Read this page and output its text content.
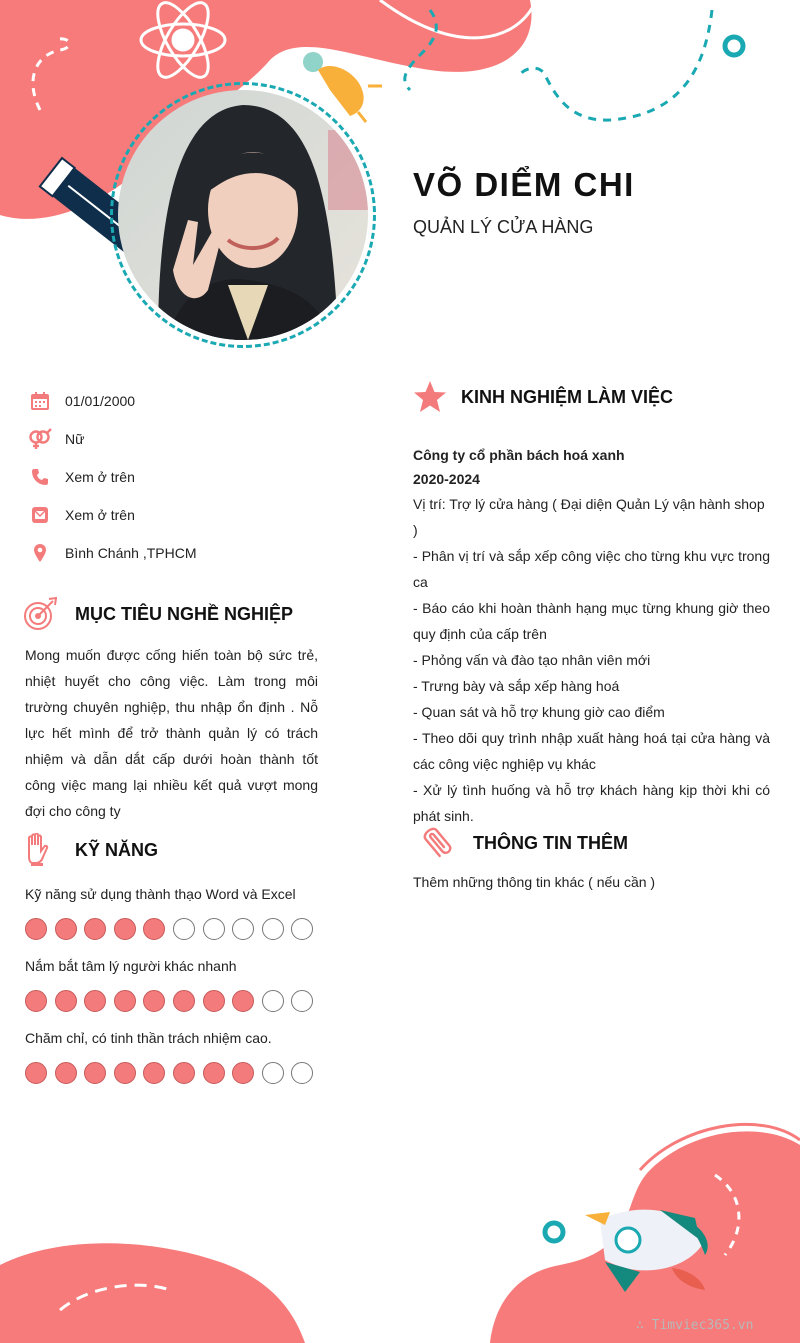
VÕ DIỂM CHI
QUẢN LÝ CỬA HÀNG
01/01/2000
Nữ
Xem ở trên
Xem ở trên
Bình Chánh ,TPHCM
MỤC TIÊU NGHỀ NGHIỆP
Mong muốn được cống hiến toàn bộ sức trẻ, nhiệt huyết cho công việc. Làm trong môi trường chuyên nghiệp, thu nhập ổn định . Nỗ lực hết mình để trở thành quản lý có trách nhiệm và dẫn dắt cấp dưới hoàn thành tốt công việc mang lại nhiều kết quả vượt mong đợi cho công ty
KỸ NĂNG
Kỹ năng sử dụng thành thạo Word và Excel
Nắm bắt tâm lý người khác nhanh
Chăm chỉ, có tinh thần trách nhiệm cao.
KINH NGHIỆM LÀM VIỆC
Công ty cổ phần bách hoá xanh
2020-2024
Vị trí: Trợ lý cửa hàng ( Đại diện Quản Lý vận hành shop )
- Phân vị trí và sắp xếp công việc cho từng khu vực trong ca
- Báo cáo khi hoàn thành hạng mục từng khung giờ theo quy định của cấp trên
- Phỏng vấn và đào tạo nhân viên mới
- Trưng bày và sắp xếp hàng hoá
- Quan sát và hỗ trợ khung giờ cao điểm
- Theo dõi quy trình nhập xuất hàng hoá tại cửa hàng và các công việc nghiệp vụ khác
- Xử lý tình huống và hỗ trợ khách hàng kịp thời khi có phát sinh.
THÔNG TIN THÊM
Thêm những thông tin khác ( nếu cần )
∴ Timviec365.vn
